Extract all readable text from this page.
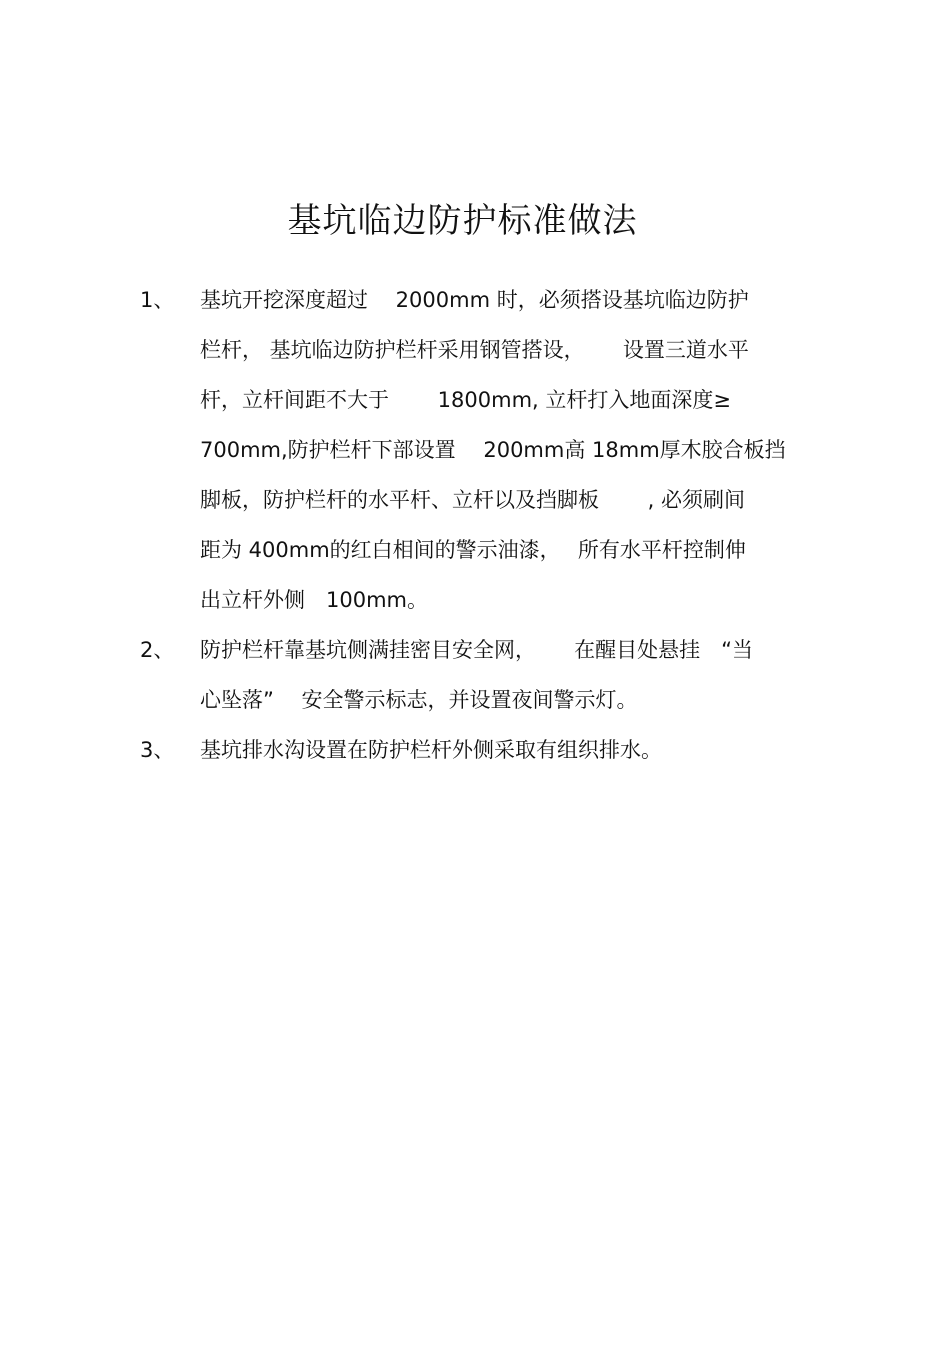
基坑临边防护标准做法
1、	基坑开挖深度超过　 2000mm 时，必须搭设基坑临边防护
栏杆， 基坑临边防护栏杆采用钢管搭设，　　 设置三道水平
杆，立杆间距不大于　　 1800mm, 立杆打入地面深度≥
700mm,防护栏杆下部设置　 200mm高 18mm厚木胶合板挡
脚板，防护栏杆的水平杆、立杆以及挡脚板　　 , 必须刷间
距为 400mm的红白相间的警示油漆，　 所有水平杆控制伸
出立杆外侧　100mm。
2、	防护栏杆靠基坑侧满挂密目安全网，　　 在醒目处悬挂　“当
心坠落”　 安全警示标志，并设置夜间警示灯。
3、	基坑排水沟设置在防护栏杆外侧采取有组织排水。
